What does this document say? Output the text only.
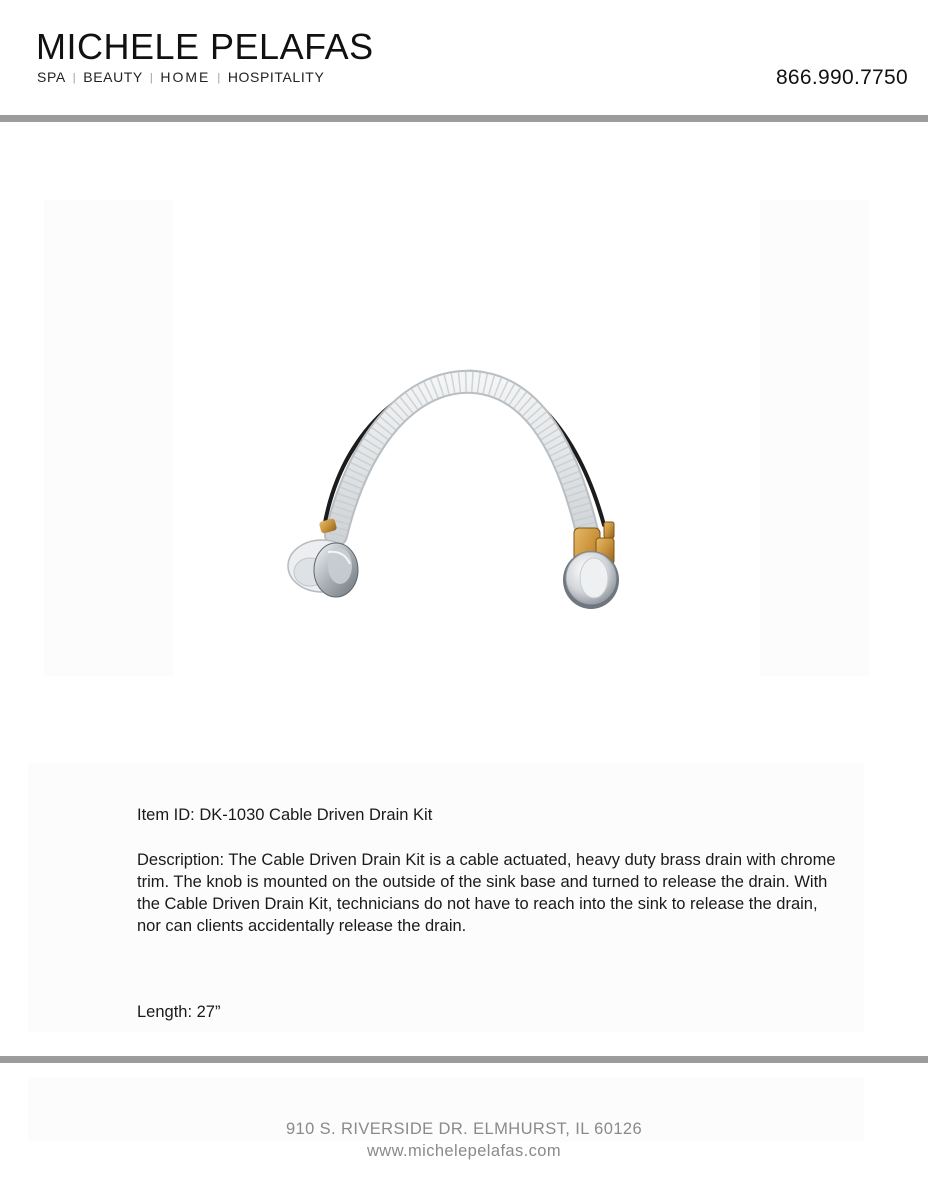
MICHELE PELAFAS
SPA | BEAUTY | HOME | HOSPITALITY	866.990.7750
Item ID: DK-1030 Cable Driven Drain Kit
Description: The Cable Driven Drain Kit is a cable actuated, heavy duty brass drain with chrome trim. The knob is mounted on the outside of the sink base and turned to release the drain. With the Cable Driven Drain Kit, technicians do not have to reach into the sink to release the drain, nor can clients accidentally release the drain.
Length: 27”
910 S. RIVERSIDE DR. ELMHURST, IL 60126
www.michelepelafas.com
